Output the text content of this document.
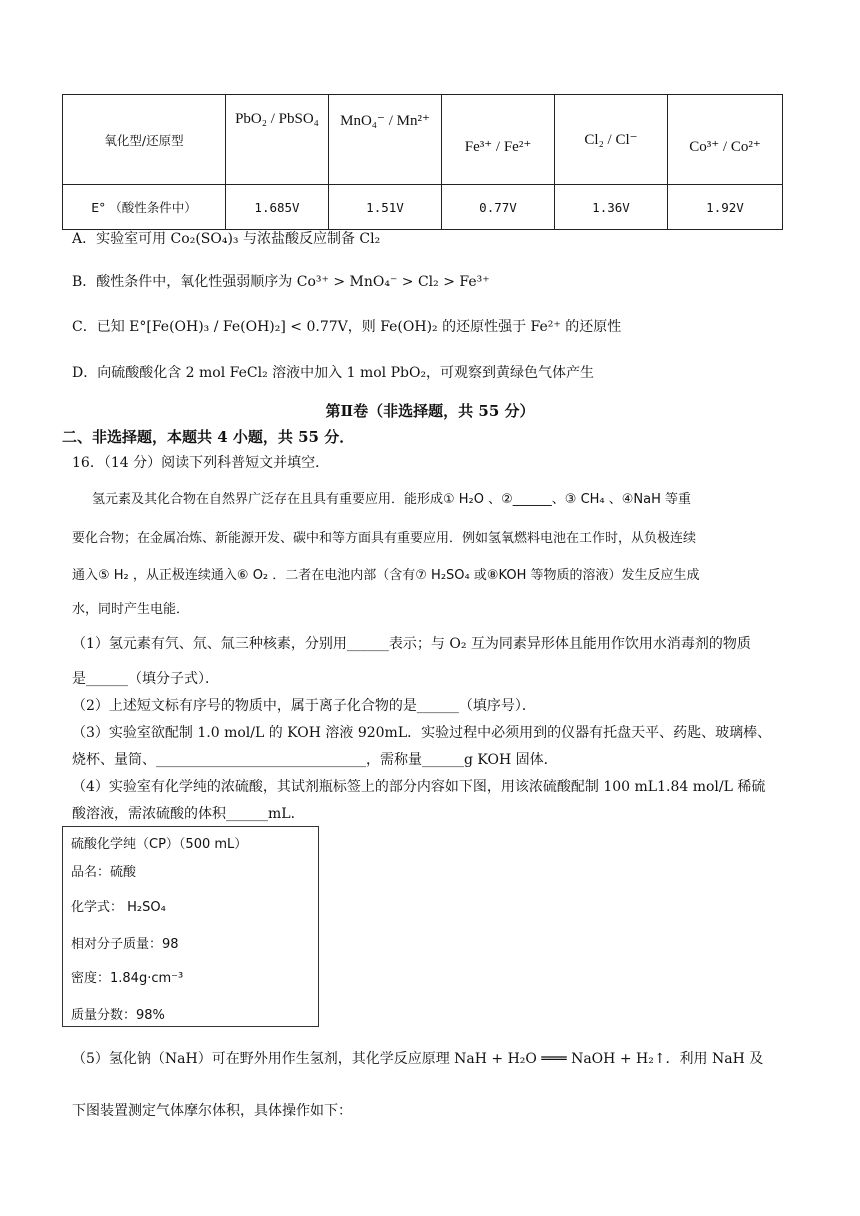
氧化型/还原型	PbO₂ / PbSO₄	MnO₄⁻ / Mn²⁺	Fe³⁺ / Fe²⁺	Cl₂ / Cl⁻	Co³⁺ / Co²⁺
E° （酸性条件中）	1.685V	1.51V	0.77V	1.36V	1.92V
A．实验室可用 Co₂(SO₄)₃ 与浓盐酸反应制备 Cl₂
B．酸性条件中，氧化性强弱顺序为 Co³⁺ > MnO₄⁻ > Cl₂ > Fe³⁺
C．已知 E°[Fe(OH)₃ / Fe(OH)₂] < 0.77V，则 Fe(OH)₂ 的还原性强于 Fe²⁺ 的还原性
D．向硫酸酸化含 2 mol FeCl₂ 溶液中加入 1 mol PbO₂，可观察到黄绿色气体产生
第Ⅱ卷（非选择题，共 55 分）
二、非选择题，本题共 4 小题，共 55 分．
16．（14 分）阅读下列科普短文并填空．
氢元素及其化合物在自然界广泛存在且具有重要应用．能形成① H₂O 、②______、③ CH₄ 、④NaH 等重
要化合物；在金属冶炼、新能源开发、碳中和等方面具有重要应用．例如氢氧燃料电池在工作时，从负极连续
通入⑤ H₂ ，从正极连续通入⑥ O₂ ．二者在电池内部（含有⑦ H₂SO₄ 或⑧KOH 等物质的溶液）发生反应生成
水，同时产生电能．
（1）氢元素有氕、氘、氚三种核素，分别用______表示；与 O₂ 互为同素异形体且能用作饮用水消毒剂的物质
是______（填分子式）．
（2）上述短文标有序号的物质中，属于离子化合物的是______（填序号）．
（3）实验室欲配制 1.0 mol/L 的 KOH 溶液 920mL．实验过程中必须用到的仪器有托盘天平、药匙、玻璃棒、
烧杯、量筒、______________________________，需称量______g KOH 固体．
（4）实验室有化学纯的浓硫酸，其试剂瓶标签上的部分内容如下图，用该浓硫酸配制 100 mL1.84 mol/L 稀硫
酸溶液，需浓硫酸的体积______mL．
硫酸化学纯（CP）（500 mL）
品名：硫酸
化学式： H₂SO₄
相对分子质量：98
密度：1.84g·cm⁻³
质量分数：98%
（5）氢化钠（NaH）可在野外用作生氢剂，其化学反应原理 NaH + H₂O ═══ NaOH + H₂↑．利用 NaH 及
下图装置测定气体摩尔体积，具体操作如下：
